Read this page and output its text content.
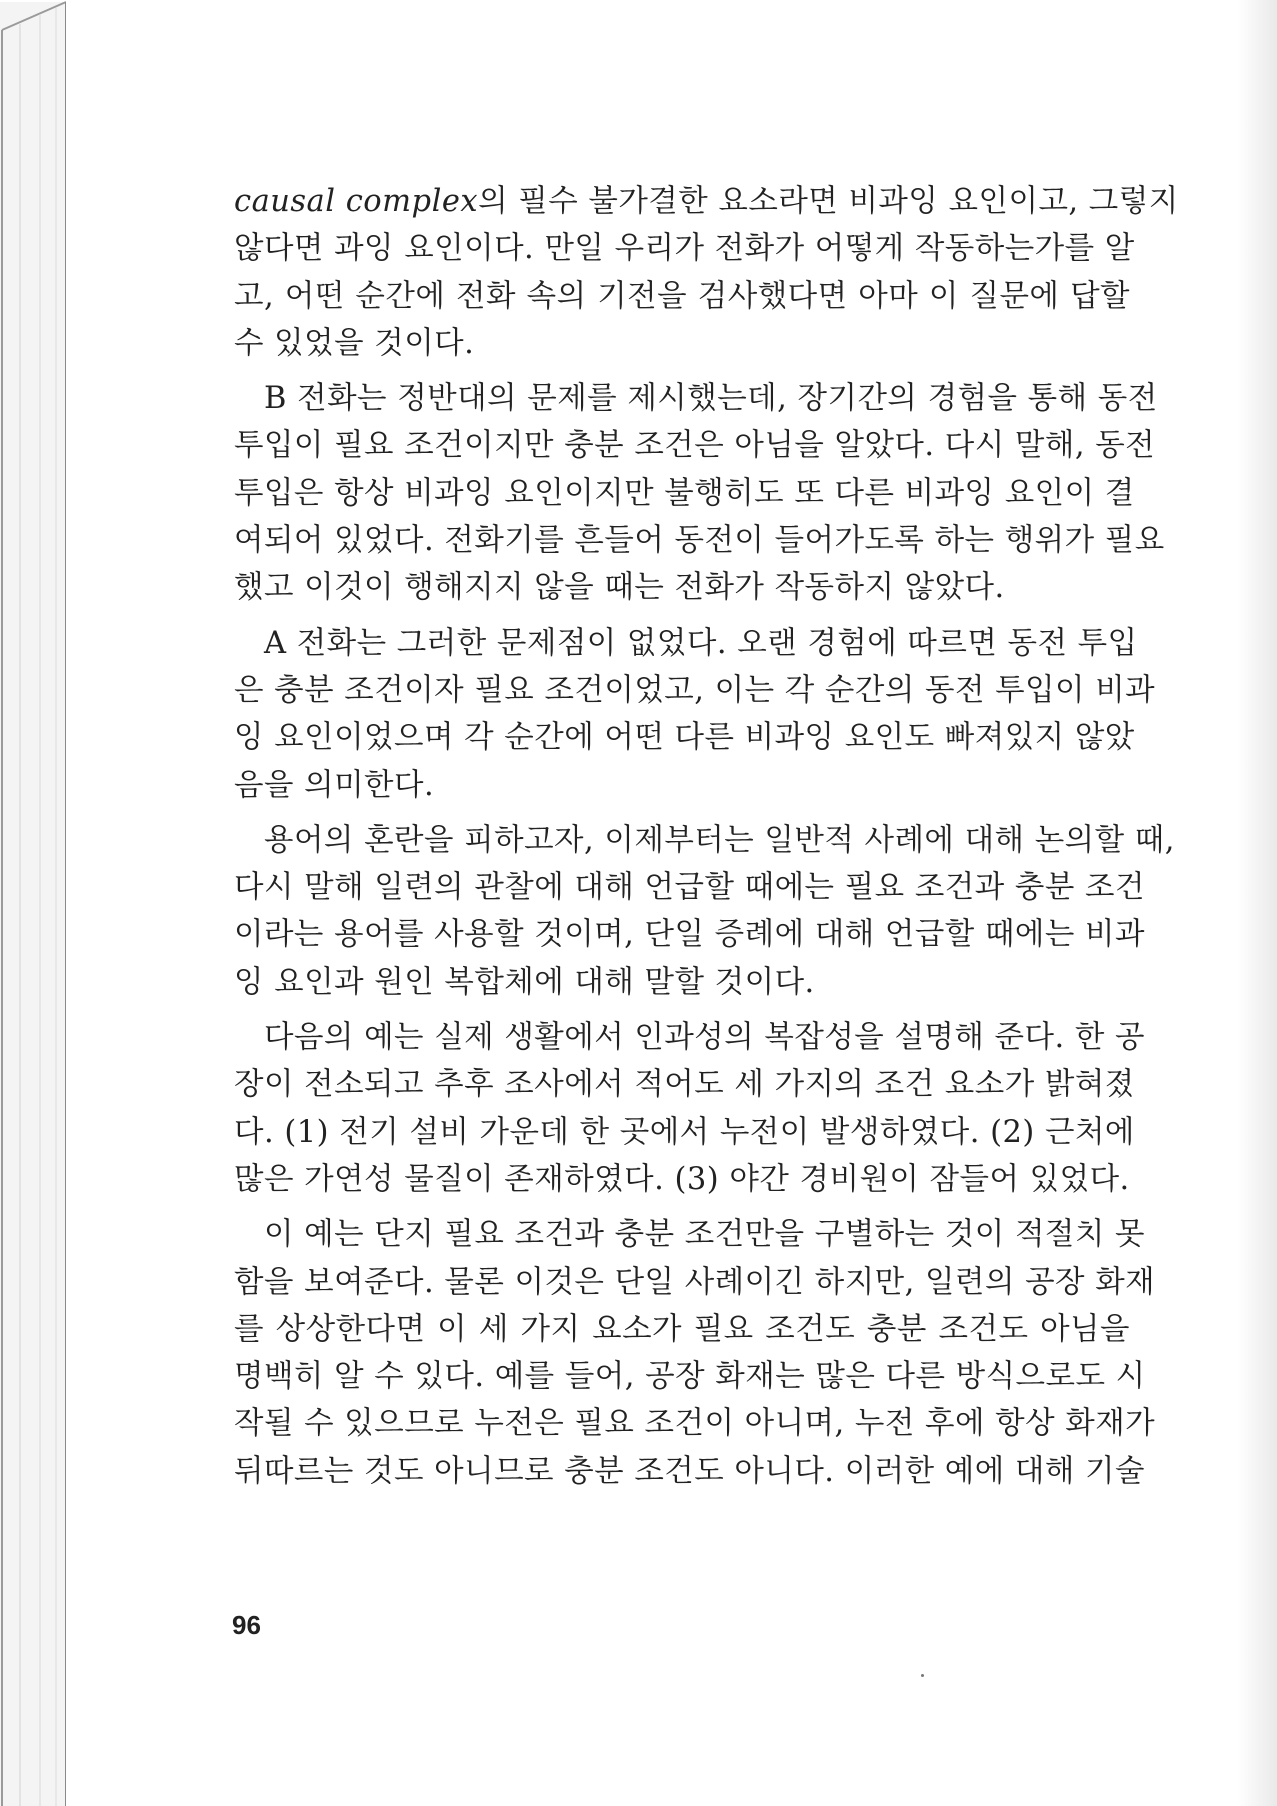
causal complex의 필수 불가결한 요소라면 비과잉 요인이고, 그렇지
않다면 과잉 요인이다. 만일 우리가 전화가 어떻게 작동하는가를 알
고, 어떤 순간에 전화 속의 기전을 검사했다면 아마 이 질문에 답할
수 있었을 것이다.
B 전화는 정반대의 문제를 제시했는데, 장기간의 경험을 통해 동전
투입이 필요 조건이지만 충분 조건은 아님을 알았다. 다시 말해, 동전
투입은 항상 비과잉 요인이지만 불행히도 또 다른 비과잉 요인이 결
여되어 있었다. 전화기를 흔들어 동전이 들어가도록 하는 행위가 필요
했고 이것이 행해지지 않을 때는 전화가 작동하지 않았다.
A 전화는 그러한 문제점이 없었다. 오랜 경험에 따르면 동전 투입
은 충분 조건이자 필요 조건이었고, 이는 각 순간의 동전 투입이 비과
잉 요인이었으며 각 순간에 어떤 다른 비과잉 요인도 빠져있지 않았
음을 의미한다.
용어의 혼란을 피하고자, 이제부터는 일반적 사례에 대해 논의할 때,
다시 말해 일련의 관찰에 대해 언급할 때에는 필요 조건과 충분 조건
이라는 용어를 사용할 것이며, 단일 증례에 대해 언급할 때에는 비과
잉 요인과 원인 복합체에 대해 말할 것이다.
다음의 예는 실제 생활에서 인과성의 복잡성을 설명해 준다. 한 공
장이 전소되고 추후 조사에서 적어도 세 가지의 조건 요소가 밝혀졌
다. (1) 전기 설비 가운데 한 곳에서 누전이 발생하였다. (2) 근처에
많은 가연성 물질이 존재하였다. (3) 야간 경비원이 잠들어 있었다.
이 예는 단지 필요 조건과 충분 조건만을 구별하는 것이 적절치 못
함을 보여준다. 물론 이것은 단일 사례이긴 하지만, 일련의 공장 화재
를 상상한다면 이 세 가지 요소가 필요 조건도 충분 조건도 아님을
명백히 알 수 있다. 예를 들어, 공장 화재는 많은 다른 방식으로도 시
작될 수 있으므로 누전은 필요 조건이 아니며, 누전 후에 항상 화재가
뒤따르는 것도 아니므로 충분 조건도 아니다. 이러한 예에 대해 기술
96
